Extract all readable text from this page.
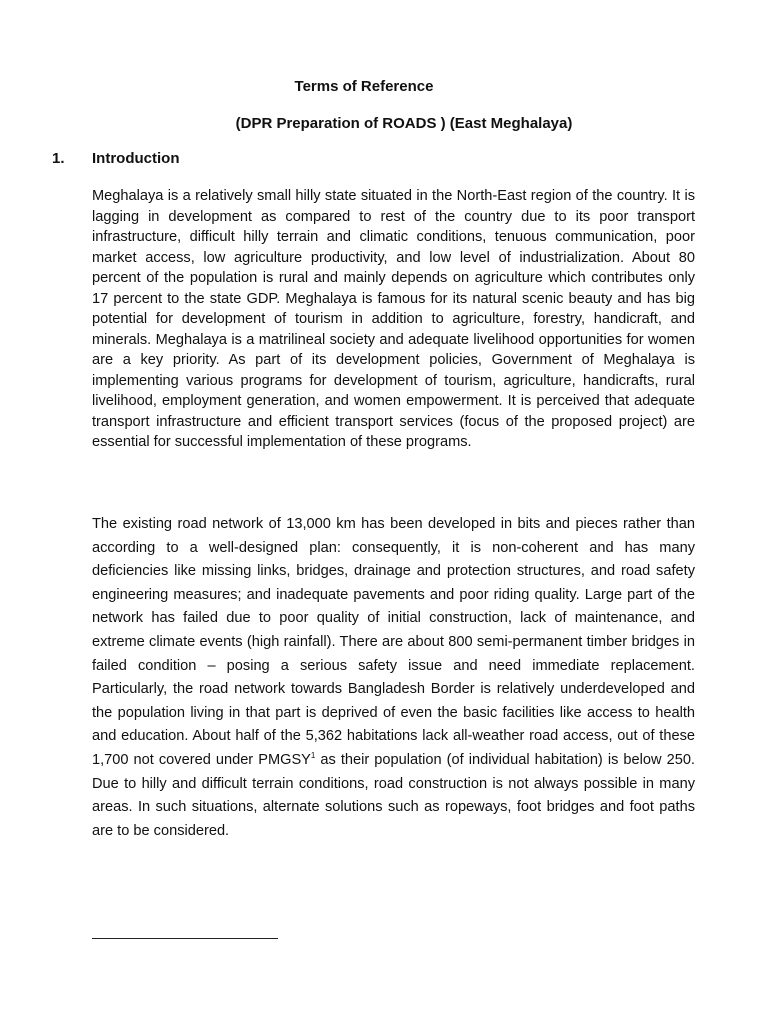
Terms of Reference
(DPR Preparation of ROADS ) (East Meghalaya)
1. Introduction

Meghalaya is a relatively small hilly state situated in the North-East region of the country. It is lagging in development as compared to rest of the country due to its poor transport infrastructure, difficult hilly terrain and climatic conditions, tenuous communication, poor market access, low agriculture productivity, and low level of industrialization. About 80 percent of the population is rural and mainly depends on agriculture which contributes only 17 percent to the state GDP. Meghalaya is famous for its natural scenic beauty and has big potential for development of tourism in addition to agriculture, forestry, handicraft, and minerals. Meghalaya is a matrilineal society and adequate livelihood opportunities for women are a key priority. As part of its development policies, Government of Meghalaya is implementing various programs for development of tourism, agriculture, handicrafts, rural livelihood, employment generation, and women empowerment. It is perceived that adequate transport infrastructure and efficient transport services (focus of the proposed project) are essential for successful implementation of these programs.

The existing road network of 13,000 km has been developed in bits and pieces rather than according to a well-designed plan: consequently, it is non-coherent and has many deficiencies like missing links, bridges, drainage and protection structures, and road safety engineering measures; and inadequate pavements and poor riding quality. Large part of the network has failed due to poor quality of initial construction, lack of maintenance, and extreme climate events (high rainfall). There are about 800 semi-permanent timber bridges in failed condition – posing a serious safety issue and need immediate replacement. Particularly, the road network towards Bangladesh Border is relatively underdeveloped and the population living in that part is deprived of even the basic facilities like access to health and education. About half of the 5,362 habitations lack all-weather road access, out of these 1,700 not covered under PMGSY$^1$ as their population (of individual habitation) is below 250. Due to hilly and difficult terrain conditions, road construction is not always possible in many areas. In such situations, alternate solutions such as ropeways, foot bridges and foot paths are to be considered.
